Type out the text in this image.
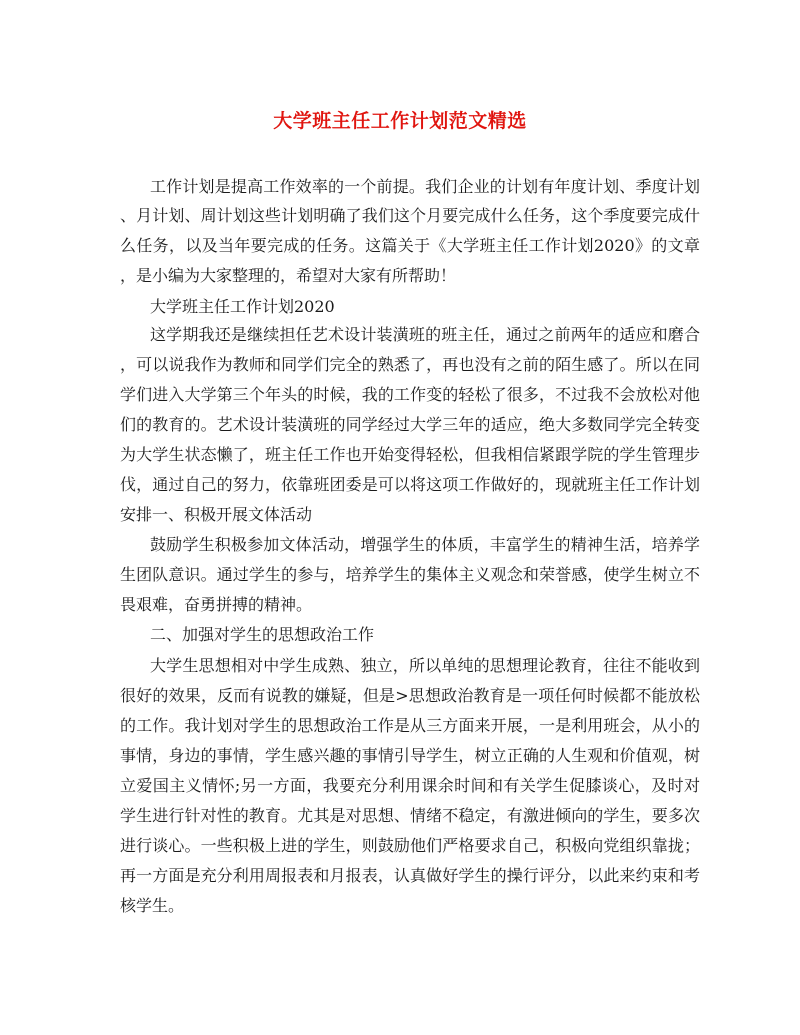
大学班主任工作计划范文精选

工作计划是提高工作效率的一个前提。我们企业的计划有年度计划、季度计划

、月计划、周计划这些计划明确了我们这个月要完成什么任务，这个季度要完成什

么任务，以及当年要完成的任务。这篇关于《大学班主任工作计划2020》的文章

，是小编为大家整理的，希望对大家有所帮助！

大学班主任工作计划2020

这学期我还是继续担任艺术设计装潢班的班主任，通过之前两年的适应和磨合

，可以说我作为教师和同学们完全的熟悉了，再也没有之前的陌生感了。所以在同

学们进入大学第三个年头的时候，我的工作变的轻松了很多，不过我不会放松对他

们的教育的。艺术设计装潢班的同学经过大学三年的适应，绝大多数同学完全转变

为大学生状态懒了，班主任工作也开始变得轻松，但我相信紧跟学院的学生管理步

伐，通过自己的努力，依靠班团委是可以将这项工作做好的，现就班主任工作计划

安排一、积极开展文体活动

鼓励学生积极参加文体活动，增强学生的体质，丰富学生的精神生活，培养学

生团队意识。通过学生的参与，培养学生的集体主义观念和荣誉感，使学生树立不

畏艰难，奋勇拼搏的精神。

二、加强对学生的思想政治工作

大学生思想相对中学生成熟、独立，所以单纯的思想理论教育，往往不能收到

很好的效果，反而有说教的嫌疑，但是>思想政治教育是一项任何时候都不能放松

的工作。我计划对学生的思想政治工作是从三方面来开展，一是利用班会，从小的

事情，身边的事情，学生感兴趣的事情引导学生，树立正确的人生观和价值观，树

立爱国主义情怀;另一方面，我要充分利用课余时间和有关学生促膝谈心，及时对

学生进行针对性的教育。尤其是对思想、情绪不稳定，有激进倾向的学生，要多次

进行谈心。一些积极上进的学生，则鼓励他们严格要求自己，积极向党组织靠拢；

再一方面是充分利用周报表和月报表，认真做好学生的操行评分，以此来约束和考

核学生。
